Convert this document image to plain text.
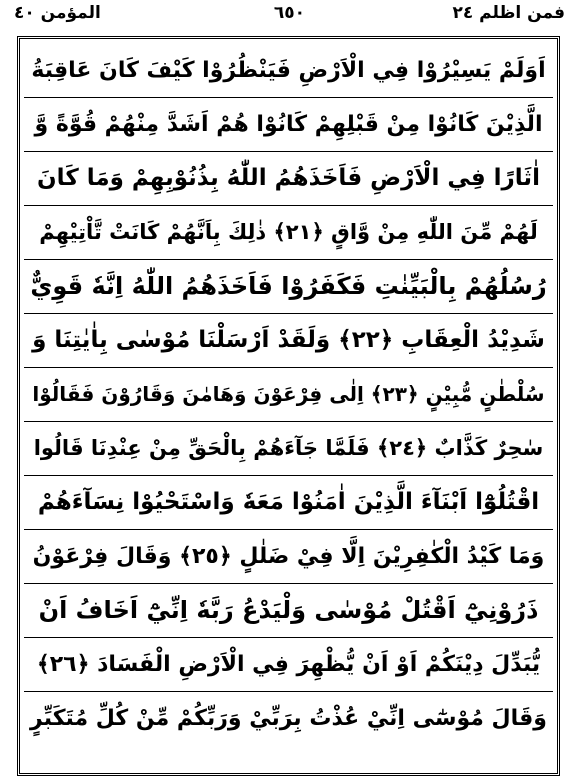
المؤمن ٤٠	٦٥٠	فمن اظلم ٢٤
اَوَلَمْ يَسِيْرُوْا فِي الْاَرْضِ فَيَنْظُرُوْا كَيْفَ كَانَ عَاقِبَةُ
الَّذِيْنَ كَانُوْا مِنْ قَبْلِهِمْ كَانُوْا هُمْ اَشَدَّ مِنْهُمْ قُوَّةً وَّ
اٰثَارًا فِي الْاَرْضِ فَاَخَذَهُمُ اللّٰهُ بِذُنُوْبِهِمْ وَمَا كَانَ
لَهُمْ مِّنَ اللّٰهِ مِنْ وَّاقٍ ﴿٢١﴾ ذٰلِكَ بِاَنَّهُمْ كَانَتْ تَّاْتِيْهِمْ
رُسُلُهُمْ بِالْبَيِّنٰتِ فَكَفَرُوْا فَاَخَذَهُمُ اللّٰهُ اِنَّهٗ قَوِيٌّ
شَدِيْدُ الْعِقَابِ ﴿٢٢﴾ وَلَقَدْ اَرْسَلْنَا مُوْسٰى بِاٰيٰتِنَا وَ
سُلْطٰنٍ مُّبِيْنٍ ﴿٢٣﴾ اِلٰى فِرْعَوْنَ وَهَامٰنَ وَقَارُوْنَ فَقَالُوْا
سٰحِرٌ كَذَّابٌ ﴿٢٤﴾ فَلَمَّا جَآءَهُمْ بِالْحَقِّ مِنْ عِنْدِنَا قَالُوا
اقْتُلُوْٓا اَبْنَآءَ الَّذِيْنَ اٰمَنُوْا مَعَهٗ وَاسْتَحْيُوْا نِسَآءَهُمْ
وَمَا كَيْدُ الْكٰفِرِيْنَ اِلَّا فِيْ ضَلٰلٍ ﴿٢٥﴾ وَقَالَ فِرْعَوْنُ
ذَرُوْنِيْٓ اَقْتُلْ مُوْسٰى وَلْيَدْعُ رَبَّهٗ اِنِّيْٓ اَخَافُ اَنْ
يُّبَدِّلَ دِيْنَكُمْ اَوْ اَنْ يُّظْهِرَ فِي الْاَرْضِ الْفَسَادَ ﴿٢٦﴾
وَقَالَ مُوْسٰٓى اِنِّيْ عُذْتُ بِرَبِّيْ وَرَبِّكُمْ مِّنْ كُلِّ مُتَكَبِّرٍ
